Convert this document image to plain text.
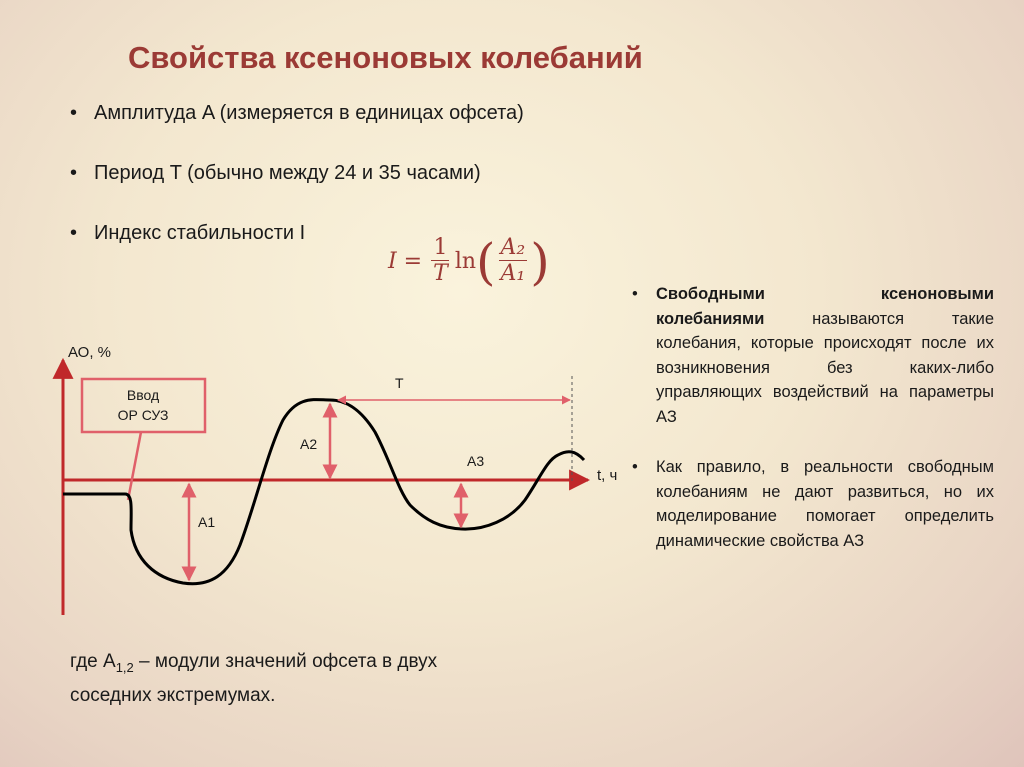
Свойства ксеноновых колебаний
• Амплитуда A (измеряется в единицах офсета)
• Период T (обычно между 24 и 35 часами)
• Индекс стабильности I
$I = \frac{1}{T}$ ln ( $\frac{\text{A₂}}{\text{A₁}}$ )
• Свободными ксеноновыми колебаниями называются такие колебания, которые происходят после их возникновения без каких-либо управляющих воздействий на параметры АЗ
• Как правило, в реальности свободным колебаниям не дают развиться, но их моделирование помогает определить динамические свойства АЗ
АО, %
t, ч
Ввод
ОР СУЗ
T
A2
A1
A3
где $A_{1,2}$ – модули значений офсета в двух
соседних экстремумах.
